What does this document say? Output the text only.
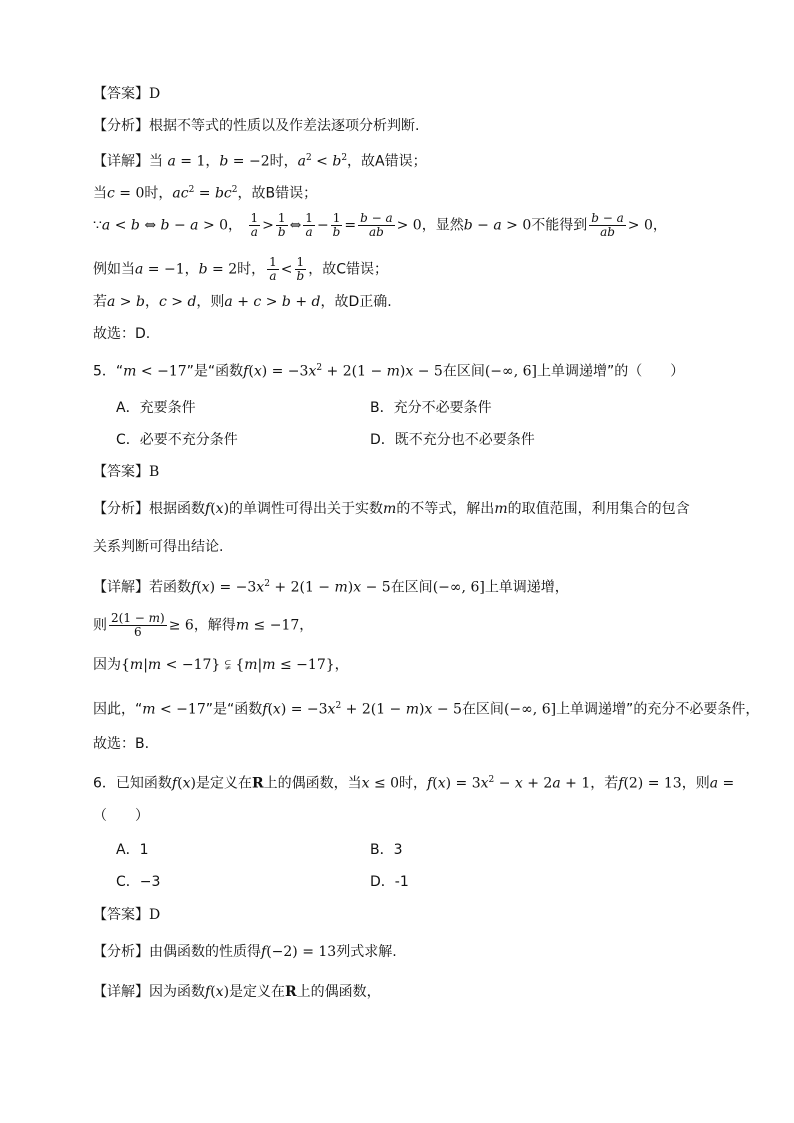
【答案】D
【分析】根据不等式的性质以及作差法逐项分析判断.
【详解】当 a = 1，b = −2时，$a^2 < b^2$，故A错误；
当c = 0时，$ac^2 = bc^2$，故B错误；
∵a < b ⇔ b − a > 0， $\frac{1}{a} > \frac{1}{b}$ ⇔ $\frac{1}{a} - \frac{1}{b} = \frac{b - a}{ab} > 0$，显然b − a > 0不能得到 $\frac{b - a}{ab} > 0$，
例如当a = −1，b = 2时， $\frac{1}{a} < \frac{1}{b}$ ，故C错误；
若a > b，c > d，则a + c > b + d，故D正确.
故选：D.
5．“m < −17”是“函数$f(x) = -3x^2 + 2(1 - m)x - 5$在区间(−∞, 6]上单调递增”的（　　）
A．充要条件	B．充分不必要条件
C．必要不充分条件	D．既不充分也不必要条件
【答案】B
【分析】根据函数f(x)的单调性可得出关于实数m的不等式，解出m的取值范围，利用集合的包含
关系判断可得出结论.
【详解】若函数$f(x) = -3x^2 + 2(1 - m)x - 5$在区间(−∞, 6]上单调递增，
则 $\frac{2(1 - m)}{6} \ge 6$，解得m ≤ −17，
因为{m|m < −17} ⫋ {m|m ≤ −17}，
因此，“m < −17”是“函数$f(x) = -3x^2 + 2(1 - m)x - 5$在区间(−∞, 6]上单调递增”的充分不必要条件，
故选：B.
6．已知函数f(x)是定义在R上的偶函数，当x ≤ 0时，$f(x) = 3x^2 - x + 2a + 1$，若f(2) = 13，则a =
（　　）
A．1	B．3
C．−3	D．-1
【答案】D
【分析】由偶函数的性质得f(−2) = 13列式求解.
【详解】因为函数f(x)是定义在R上的偶函数，
